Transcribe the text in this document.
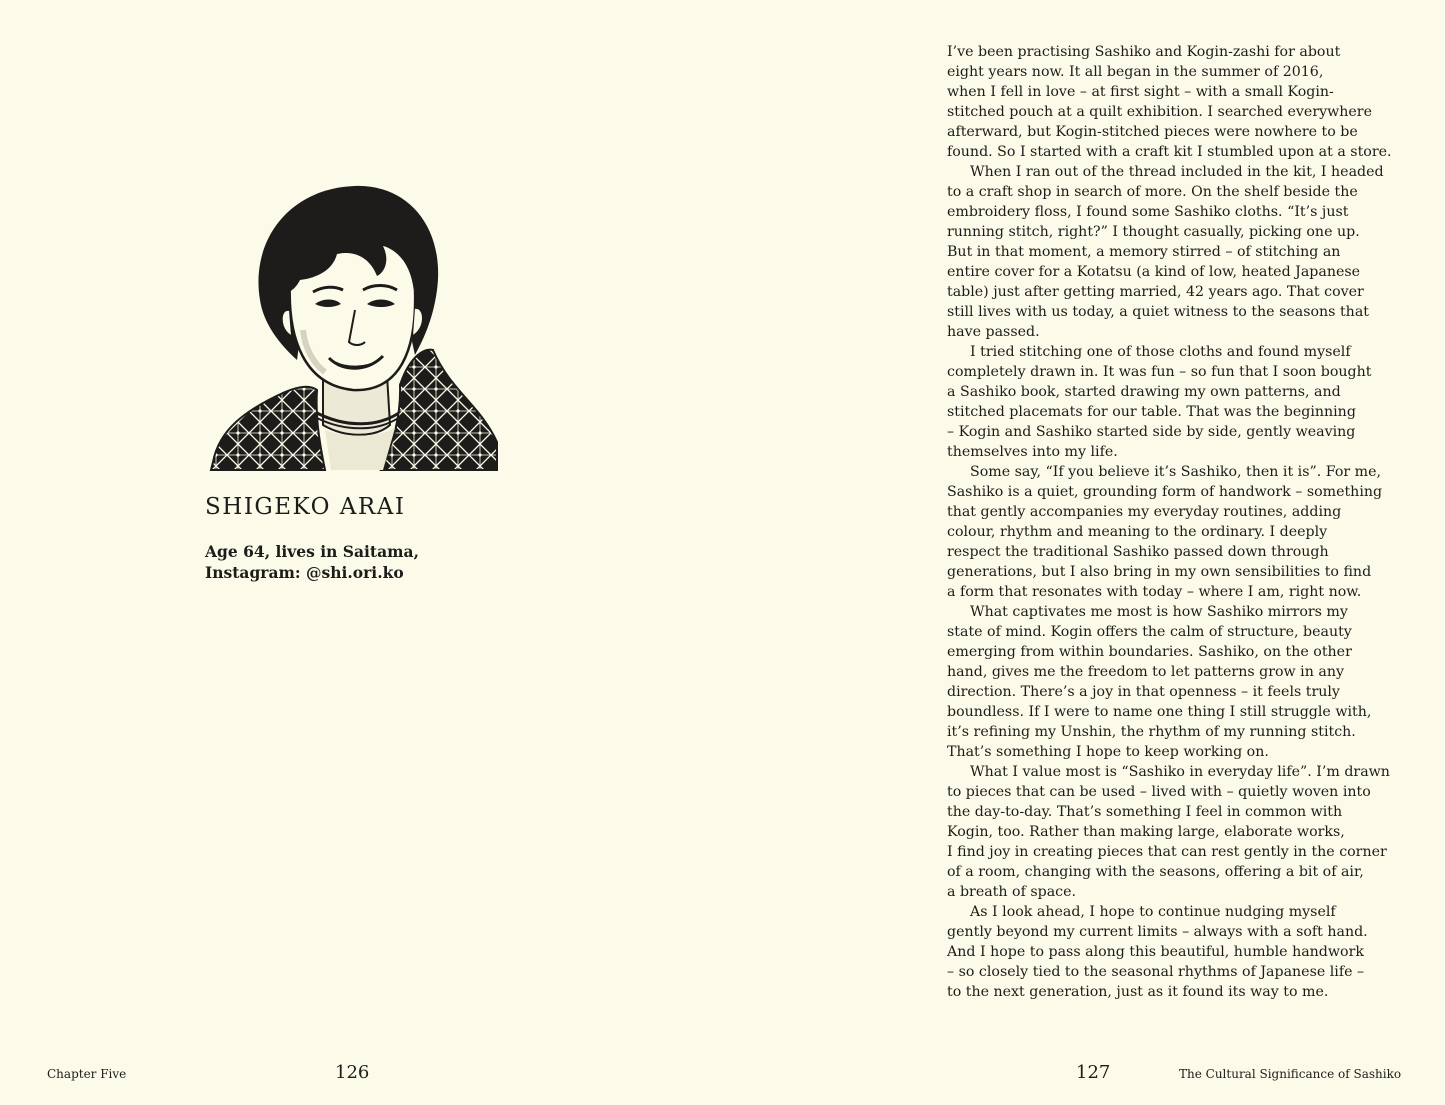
SHIGEKO ARAI
Age 64, lives in Saitama,
Instagram: @shi.ori.ko
Chapter Five	126
I’ve been practising Sashiko and Kogin-zashi for about
eight years now. It all began in the summer of 2016,
when I fell in love – at first sight – with a small Kogin-
stitched pouch at a quilt exhibition. I searched everywhere
afterward, but Kogin-stitched pieces were nowhere to be
found. So I started with a craft kit I stumbled upon at a store.
When I ran out of the thread included in the kit, I headed
to a craft shop in search of more. On the shelf beside the
embroidery floss, I found some Sashiko cloths. “It’s just
running stitch, right?” I thought casually, picking one up.
But in that moment, a memory stirred – of stitching an
entire cover for a Kotatsu (a kind of low, heated Japanese
table) just after getting married, 42 years ago. That cover
still lives with us today, a quiet witness to the seasons that
have passed.
I tried stitching one of those cloths and found myself
completely drawn in. It was fun – so fun that I soon bought
a Sashiko book, started drawing my own patterns, and
stitched placemats for our table. That was the beginning
– Kogin and Sashiko started side by side, gently weaving
themselves into my life.
Some say, “If you believe it’s Sashiko, then it is”. For me,
Sashiko is a quiet, grounding form of handwork – something
that gently accompanies my everyday routines, adding
colour, rhythm and meaning to the ordinary. I deeply
respect the traditional Sashiko passed down through
generations, but I also bring in my own sensibilities to find
a form that resonates with today – where I am, right now.
What captivates me most is how Sashiko mirrors my
state of mind. Kogin offers the calm of structure, beauty
emerging from within boundaries. Sashiko, on the other
hand, gives me the freedom to let patterns grow in any
direction. There’s a joy in that openness – it feels truly
boundless. If I were to name one thing I still struggle with,
it’s refining my Unshin, the rhythm of my running stitch.
That’s something I hope to keep working on.
What I value most is “Sashiko in everyday life”. I’m drawn
to pieces that can be used – lived with – quietly woven into
the day-to-day. That’s something I feel in common with
Kogin, too. Rather than making large, elaborate works,
I find joy in creating pieces that can rest gently in the corner
of a room, changing with the seasons, offering a bit of air,
a breath of space.
As I look ahead, I hope to continue nudging myself
gently beyond my current limits – always with a soft hand.
And I hope to pass along this beautiful, humble handwork
– so closely tied to the seasonal rhythms of Japanese life –
to the next generation, just as it found its way to me.
127	The Cultural Significance of Sashiko
